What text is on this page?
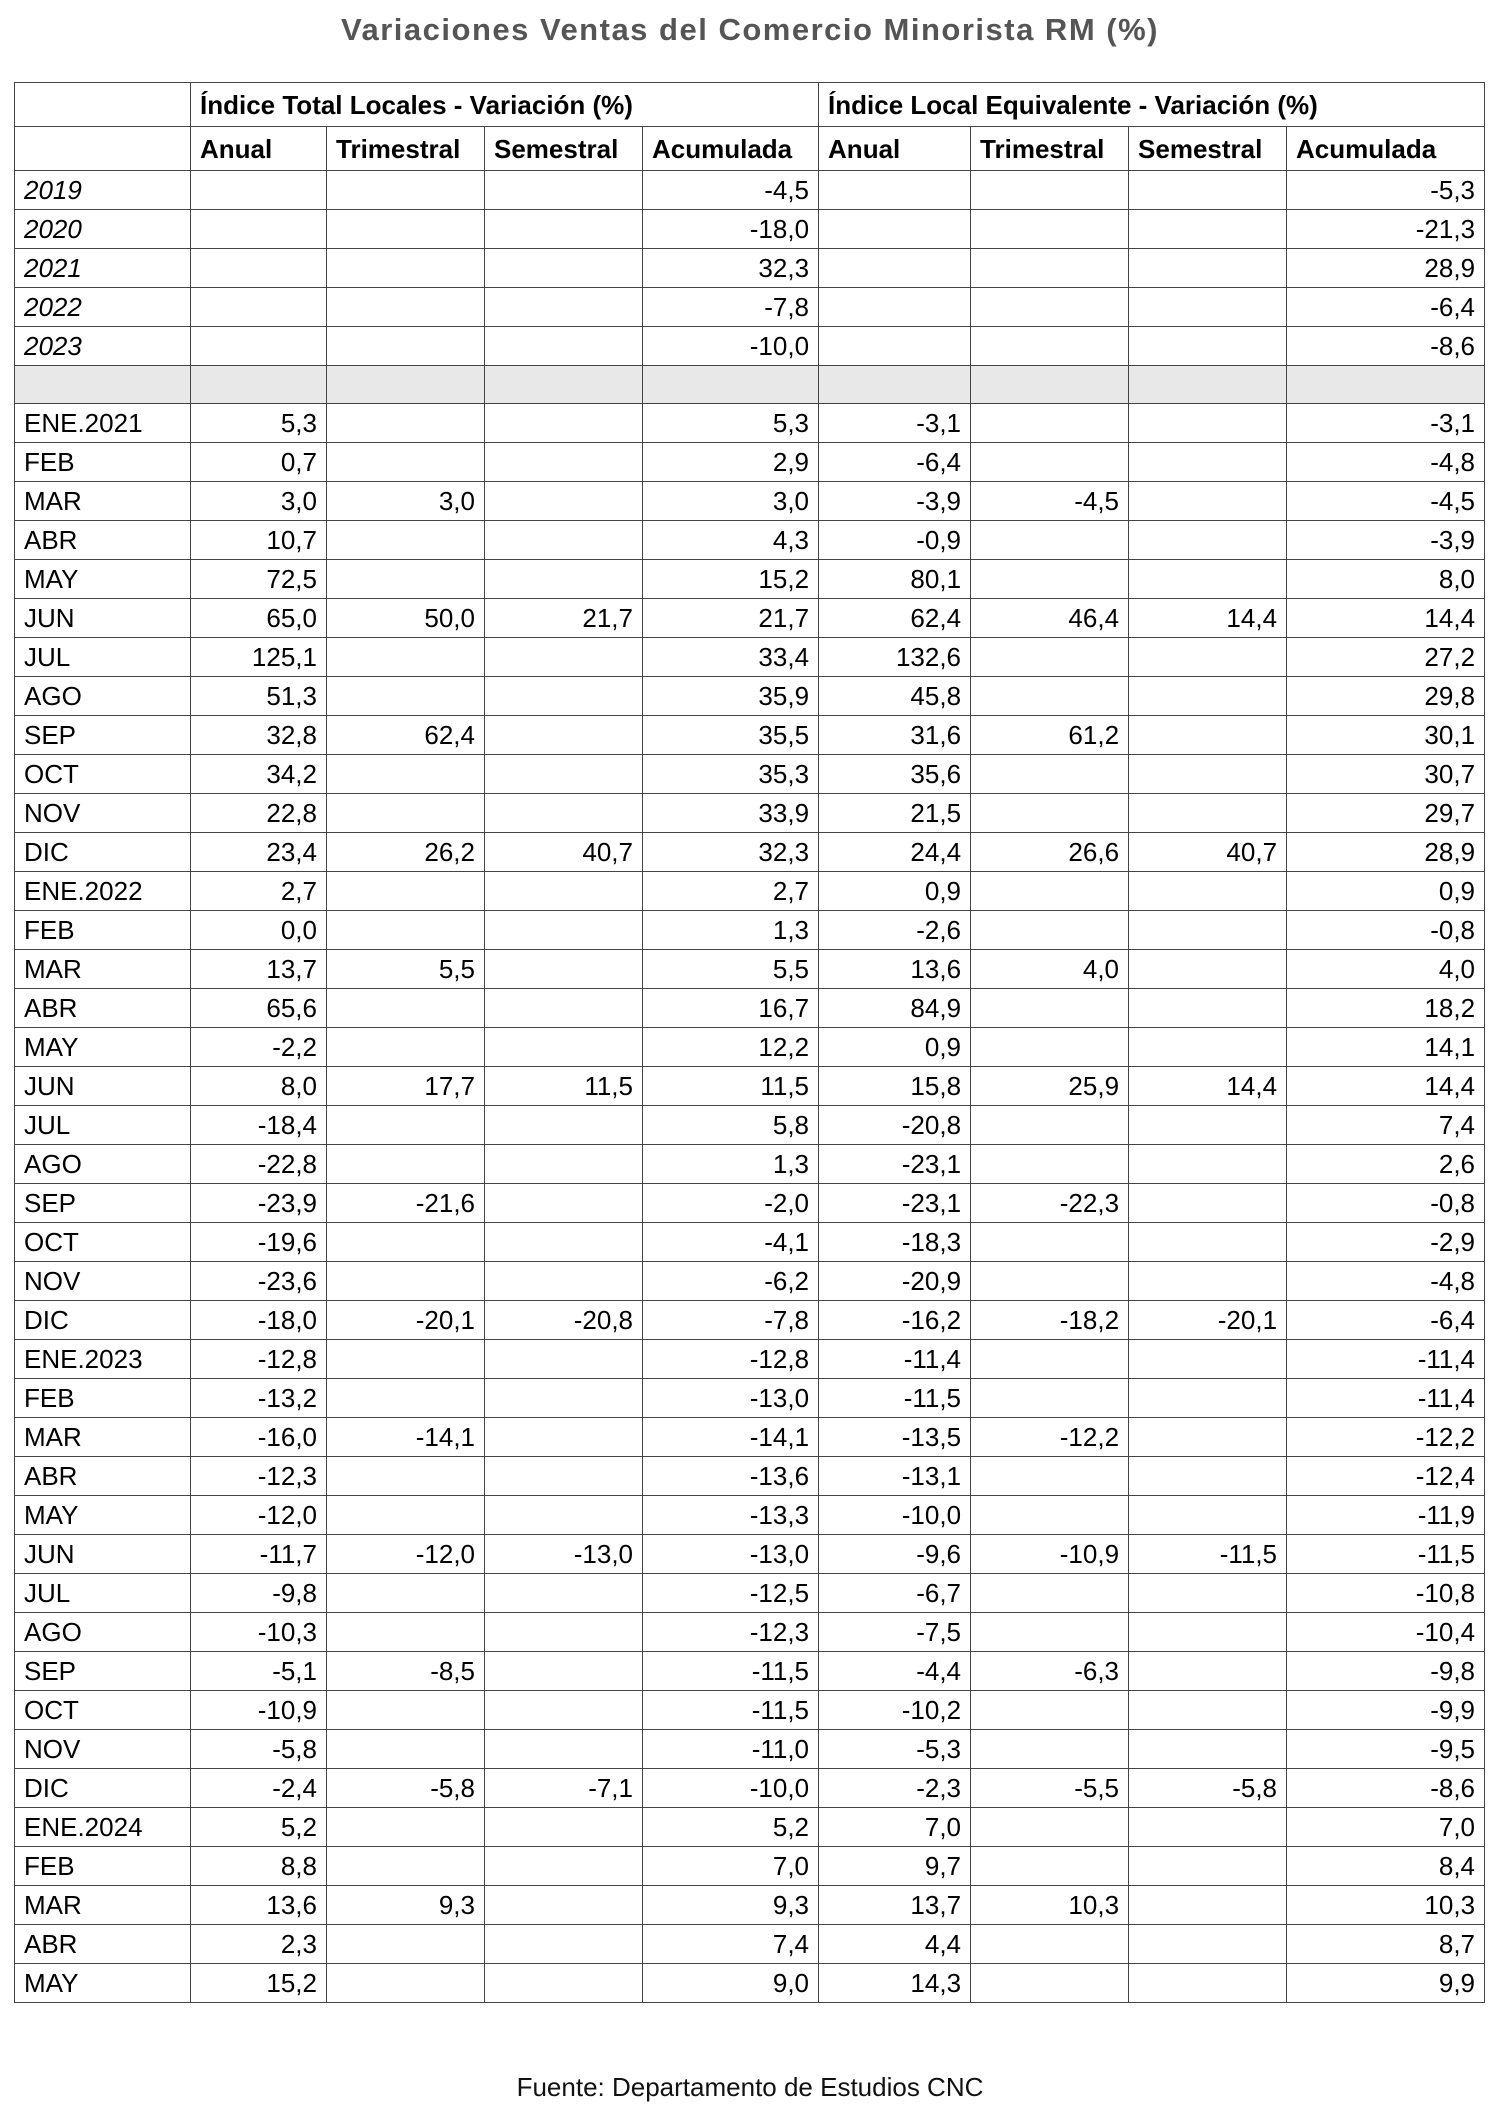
Variaciones Ventas del Comercio Minorista RM (%)
	Índice Total Locales - Variación (%)				Índice Local Equivalente - Variación (%)			
	Anual	Trimestral	Semestral	Acumulada	Anual	Trimestral	Semestral	Acumulada
2019				-4,5				-5,3
2020				-18,0				-21,3
2021				32,3				28,9
2022				-7,8				-6,4
2023				-10,0				-8,6

ENE.2021	5,3			5,3	-3,1			-3,1
FEB	0,7			2,9	-6,4			-4,8
MAR	3,0	3,0		3,0	-3,9	-4,5		-4,5
ABR	10,7			4,3	-0,9			-3,9
MAY	72,5			15,2	80,1			8,0
JUN	65,0	50,0	21,7	21,7	62,4	46,4	14,4	14,4
JUL	125,1			33,4	132,6			27,2
AGO	51,3			35,9	45,8			29,8
SEP	32,8	62,4		35,5	31,6	61,2		30,1
OCT	34,2			35,3	35,6			30,7
NOV	22,8			33,9	21,5			29,7
DIC	23,4	26,2	40,7	32,3	24,4	26,6	40,7	28,9
ENE.2022	2,7			2,7	0,9			0,9
FEB	0,0			1,3	-2,6			-0,8
MAR	13,7	5,5		5,5	13,6	4,0		4,0
ABR	65,6			16,7	84,9			18,2
MAY	-2,2			12,2	0,9			14,1
JUN	8,0	17,7	11,5	11,5	15,8	25,9	14,4	14,4
JUL	-18,4			5,8	-20,8			7,4
AGO	-22,8			1,3	-23,1			2,6
SEP	-23,9	-21,6		-2,0	-23,1	-22,3		-0,8
OCT	-19,6			-4,1	-18,3			-2,9
NOV	-23,6			-6,2	-20,9			-4,8
DIC	-18,0	-20,1	-20,8	-7,8	-16,2	-18,2	-20,1	-6,4
ENE.2023	-12,8			-12,8	-11,4			-11,4
FEB	-13,2			-13,0	-11,5			-11,4
MAR	-16,0	-14,1		-14,1	-13,5	-12,2		-12,2
ABR	-12,3			-13,6	-13,1			-12,4
MAY	-12,0			-13,3	-10,0			-11,9
JUN	-11,7	-12,0	-13,0	-13,0	-9,6	-10,9	-11,5	-11,5
JUL	-9,8			-12,5	-6,7			-10,8
AGO	-10,3			-12,3	-7,5			-10,4
SEP	-5,1	-8,5		-11,5	-4,4	-6,3		-9,8
OCT	-10,9			-11,5	-10,2			-9,9
NOV	-5,8			-11,0	-5,3			-9,5
DIC	-2,4	-5,8	-7,1	-10,0	-2,3	-5,5	-5,8	-8,6
ENE.2024	5,2			5,2	7,0			7,0
FEB	8,8			7,0	9,7			8,4
MAR	13,6	9,3		9,3	13,7	10,3		10,3
ABR	2,3			7,4	4,4			8,7
MAY	15,2			9,0	14,3			9,9
Fuente: Departamento de Estudios CNC
